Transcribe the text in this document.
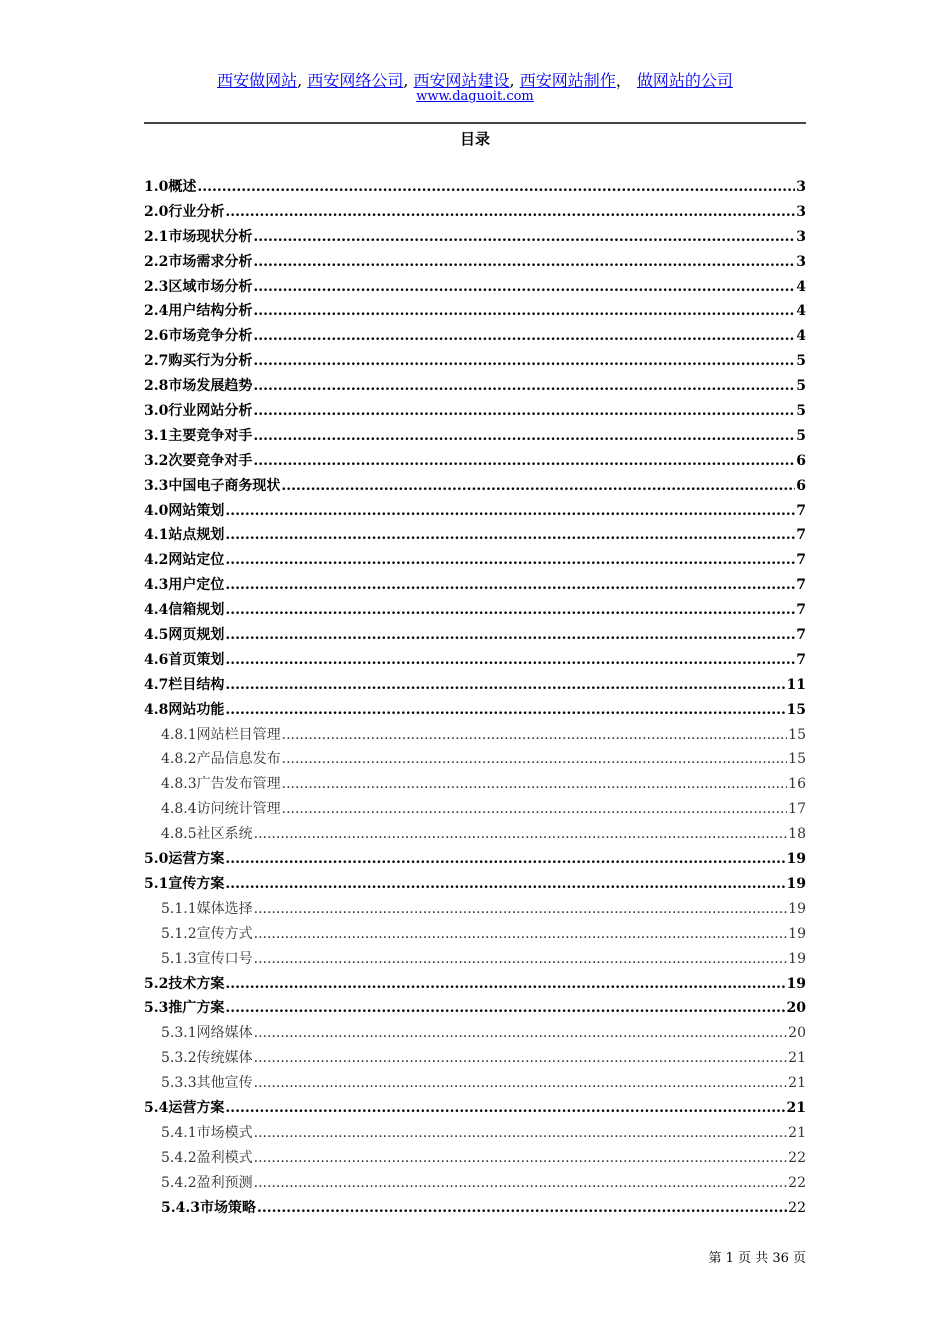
西安做网站, 西安网络公司, 西安网站建设, 西安网站制作， 做网站的公司
www.daguoit.com
目录
1.0概述 .....	3
2.0行业分析 .....	3
2.1市场现状分析 .....	3
2.2市场需求分析 .....	3
2.3区域市场分析 .....	4
2.4用户结构分析 .....	4
2.6市场竞争分析 .....	4
2.7购买行为分析 .....	5
2.8市场发展趋势 .....	5
3.0行业网站分析 .....	5
3.1主要竞争对手 .....	5
3.2次要竞争对手 .....	6
3.3中国电子商务现状 .....	6
4.0网站策划 .....	7
4.1站点规划 .....	7
4.2网站定位 .....	7
4.3用户定位 .....	7
4.4信箱规划 .....	7
4.5网页规划 .....	7
4.6首页策划 .....	7
4.7栏目结构 .....	11
4.8网站功能 .....	15
4.8.1网站栏目管理 .....	15
4.8.2产品信息发布 .....	15
4.8.3广告发布管理 .....	16
4.8.4访问统计管理 .....	17
4.8.5社区系统 .....	18
5.0运营方案 .....	19
5.1宣传方案 .....	19
5.1.1媒体选择 .....	19
5.1.2宣传方式 .....	19
5.1.3宣传口号 .....	19
5.2技术方案 .....	19
5.3推广方案 .....	20
5.3.1网络媒体 .....	20
5.3.2传统媒体 .....	21
5.3.3其他宣传 .....	21
5.4运营方案 .....	21
5.4.1市场模式 .....	21
5.4.2盈利模式 .....	22
5.4.2盈利预测 .....	22
5.4.3市场策略 .....	22
第 1 页 共 36 页
